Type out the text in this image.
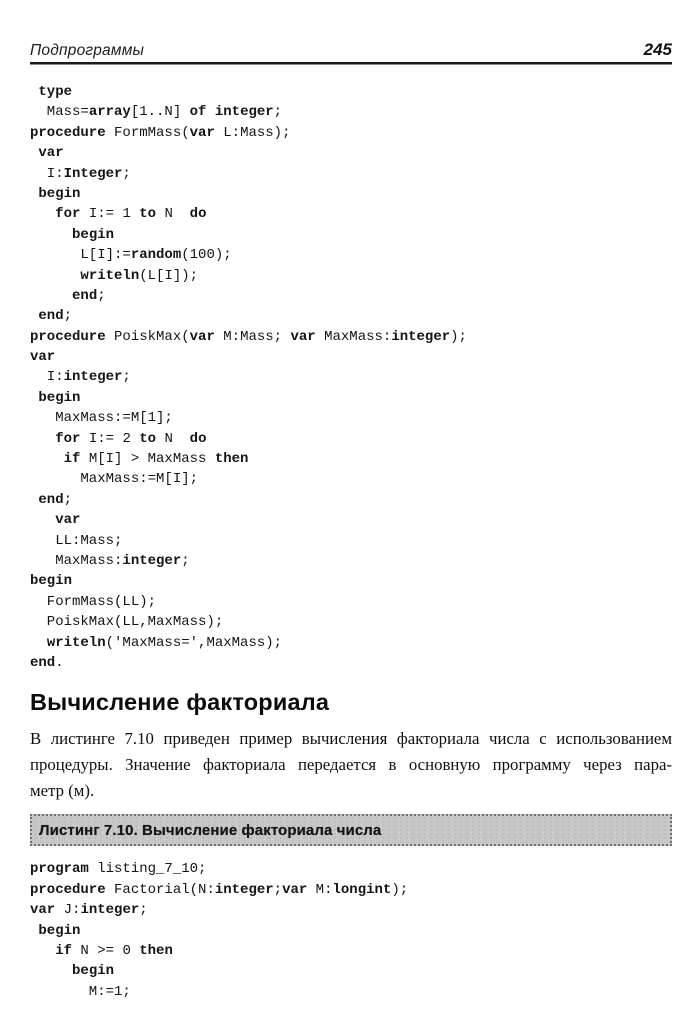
Подпрограммы	245
type
Mass=array[1..N] of integer;
procedure FormMass(var L:Mass);
var
I:Integer;
begin
for I:= 1 to N  do
begin
L[I]:=random(100);
writeln(L[I]);
end;
end;
procedure PoiskMax(var M:Mass; var MaxMass:integer);
var
I:integer;
begin
MaxMass:=M[1];
for I:= 2 to N  do
if M[I] > MaxMass then
MaxMass:=M[I];
end;
var
LL:Mass;
MaxMass:integer;
begin
FormMass(LL);
PoiskMax(LL,MaxMass);
writeln('MaxMass=',MaxMass);
end.
Вычисление факториала
В листинге 7.10 приведен пример вычисления факториала числа с использованием
процедуры. Значение факториала передается в основную программу через пара-
метр (м).
Листинг 7.10. Вычисление факториала числа
program listing_7_10;
procedure Factorial(N:integer;var M:longint);
var J:integer;
begin
if N >= 0 then
begin
M:=1;
